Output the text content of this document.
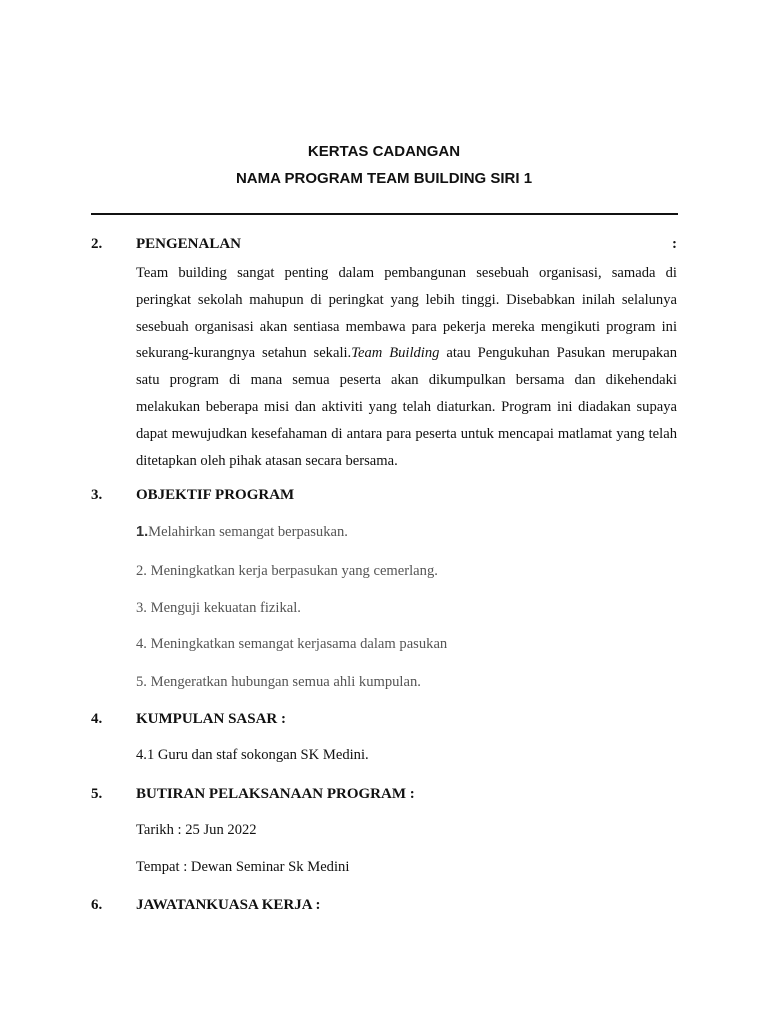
KERTAS CADANGAN
NAMA PROGRAM TEAM BUILDING SIRI 1
2. PENGENALAN	:

Team building sangat penting dalam pembangunan sesebuah organisasi, samada di peringkat sekolah mahupun di peringkat yang lebih tinggi. Disebabkan inilah selalunya sesebuah organisasi akan sentiasa membawa para pekerja mereka mengikuti program ini sekurang-kurangnya setahun sekali.Team Building atau Pengukuhan Pasukan merupakan satu program di mana semua peserta akan dikumpulkan bersama dan dikehendaki melakukan beberapa misi dan aktiviti yang telah diaturkan. Program ini diadakan supaya dapat mewujudkan kesefahaman di antara para peserta untuk mencapai matlamat yang telah ditetapkan oleh pihak atasan secara bersama.

3. OBJEKTIF PROGRAM
1.Melahirkan semangat berpasukan.
2. Meningkatkan kerja berpasukan yang cemerlang.
3. Menguji kekuatan fizikal.
4. Meningkatkan semangat kerjasama dalam pasukan
5. Mengeratkan hubungan semua ahli kumpulan.
4. KUMPULAN SASAR :
4.1 Guru dan staf sokongan SK Medini.
5. BUTIRAN PELAKSANAAN PROGRAM :
Tarikh : 25 Jun 2022
Tempat : Dewan Seminar Sk Medini
6. JAWATANKUASA KERJA :
